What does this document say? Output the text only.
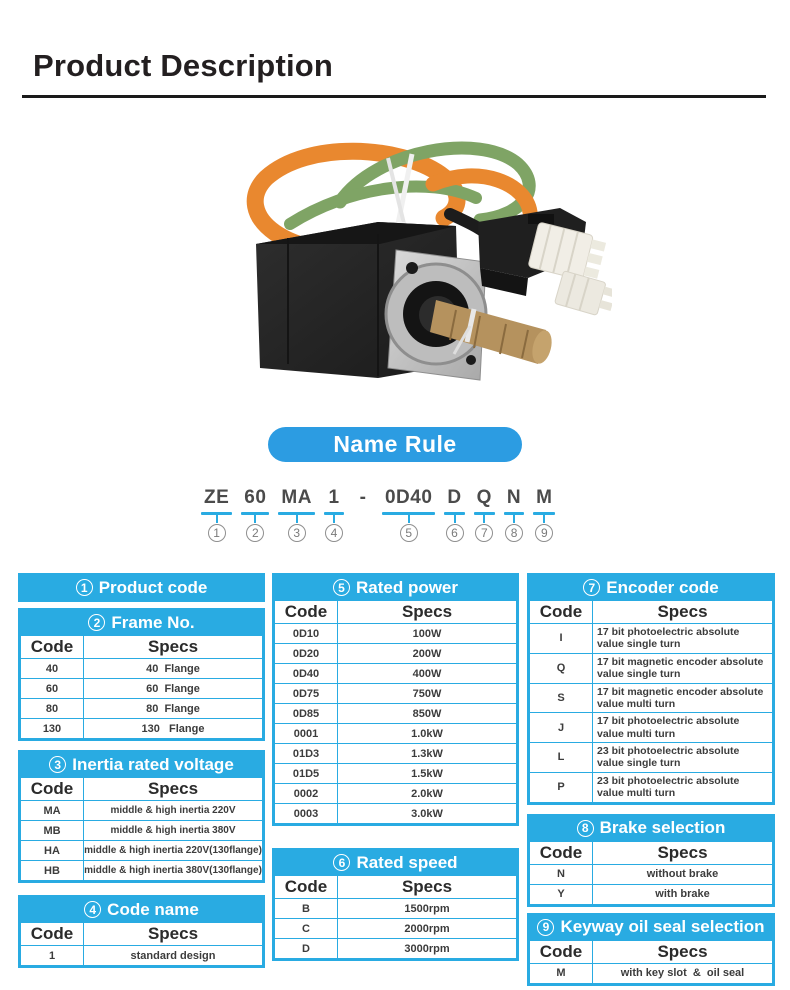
Product Description
Name Rule
ZE
1
60
2
MA
3
1
4
- 0D40
5
D
6
Q
7
N
8
M
9
1 Product code
2 Frame No.
Code	Specs
40	40  Flange
60	60  Flange
80	80  Flange
130	130   Flange
3 Inertia rated voltage
Code	Specs
MA	middle & high inertia 220V
MB	middle & high inertia 380V
HA	middle & high inertia 220V(130flange)
HB	middle & high inertia 380V(130flange)
4 Code name
Code	Specs
1	standard design
5 Rated power
Code	Specs
0D10	100W
0D20	200W
0D40	400W
0D75	750W
0D85	850W
0001	1.0kW
01D3	1.3kW
01D5	1.5kW
0002	2.0kW
0003	3.0kW
6 Rated speed
Code	Specs
B	1500rpm
C	2000rpm
D	3000rpm
7 Encoder code
Code	Specs
I	17 bit photoelectric absolute value single turn
Q	17 bit magnetic encoder absolute value single turn
S	17 bit magnetic encoder absolute value multi turn
J	17 bit photoelectric absolute value multi turn
L	23 bit photoelectric absolute value single turn
P	23 bit photoelectric absolute value multi turn
8 Brake selection
Code	Specs
N	without brake
Y	with brake
9 Keyway oil seal selection
Code	Specs
M	with key slot  &  oil seal
